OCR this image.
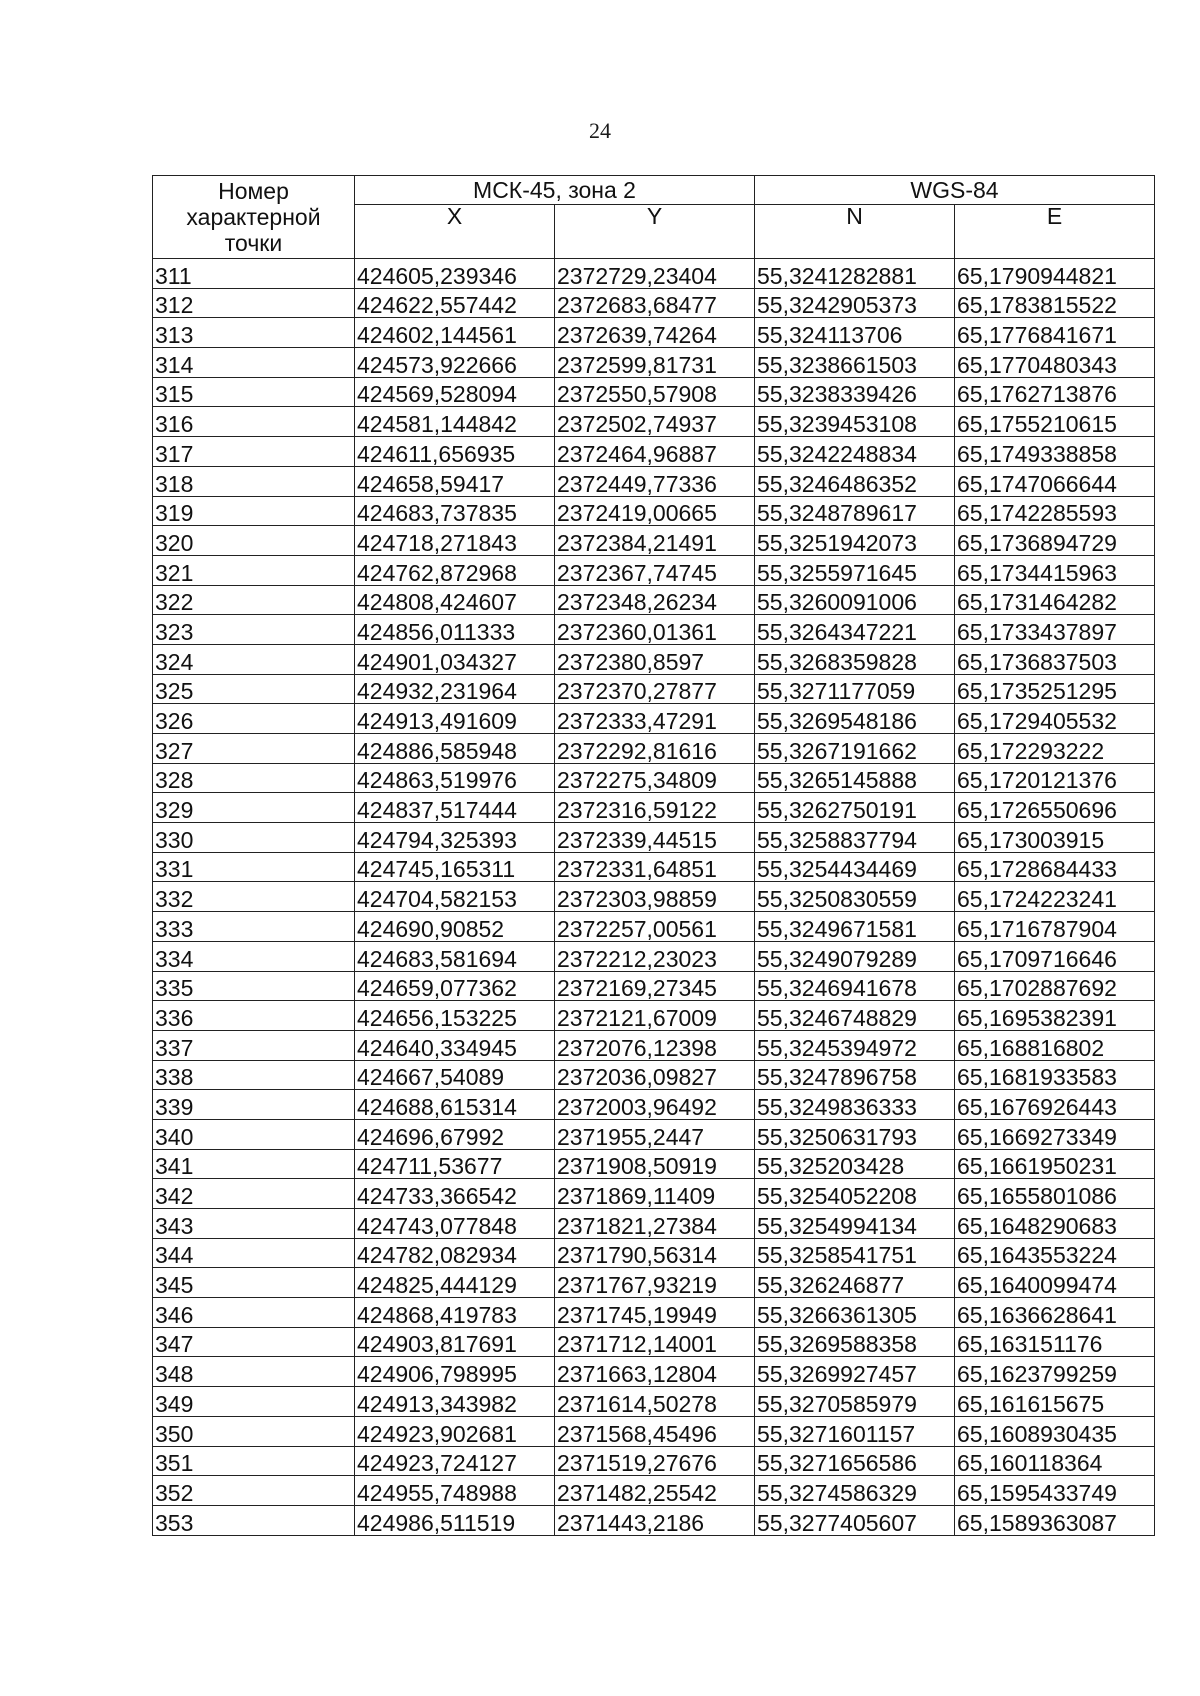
24
Номер
характерной
точки	МСК-45, зона 2		WGS-84	
	X	Y	N	E
311	424605,239346	2372729,23404	55,3241282881	65,1790944821
312	424622,557442	2372683,68477	55,3242905373	65,1783815522
313	424602,144561	2372639,74264	55,324113706	65,1776841671
314	424573,922666	2372599,81731	55,3238661503	65,1770480343
315	424569,528094	2372550,57908	55,3238339426	65,1762713876
316	424581,144842	2372502,74937	55,3239453108	65,1755210615
317	424611,656935	2372464,96887	55,3242248834	65,1749338858
318	424658,59417	2372449,77336	55,3246486352	65,1747066644
319	424683,737835	2372419,00665	55,3248789617	65,1742285593
320	424718,271843	2372384,21491	55,3251942073	65,1736894729
321	424762,872968	2372367,74745	55,3255971645	65,1734415963
322	424808,424607	2372348,26234	55,3260091006	65,1731464282
323	424856,011333	2372360,01361	55,3264347221	65,1733437897
324	424901,034327	2372380,8597	55,3268359828	65,1736837503
325	424932,231964	2372370,27877	55,3271177059	65,1735251295
326	424913,491609	2372333,47291	55,3269548186	65,1729405532
327	424886,585948	2372292,81616	55,3267191662	65,172293222
328	424863,519976	2372275,34809	55,3265145888	65,1720121376
329	424837,517444	2372316,59122	55,3262750191	65,1726550696
330	424794,325393	2372339,44515	55,3258837794	65,173003915
331	424745,165311	2372331,64851	55,3254434469	65,1728684433
332	424704,582153	2372303,98859	55,3250830559	65,1724223241
333	424690,90852	2372257,00561	55,3249671581	65,1716787904
334	424683,581694	2372212,23023	55,3249079289	65,1709716646
335	424659,077362	2372169,27345	55,3246941678	65,1702887692
336	424656,153225	2372121,67009	55,3246748829	65,1695382391
337	424640,334945	2372076,12398	55,3245394972	65,168816802
338	424667,54089	2372036,09827	55,3247896758	65,1681933583
339	424688,615314	2372003,96492	55,3249836333	65,1676926443
340	424696,67992	2371955,2447	55,3250631793	65,1669273349
341	424711,53677	2371908,50919	55,325203428	65,1661950231
342	424733,366542	2371869,11409	55,3254052208	65,1655801086
343	424743,077848	2371821,27384	55,3254994134	65,1648290683
344	424782,082934	2371790,56314	55,3258541751	65,1643553224
345	424825,444129	2371767,93219	55,326246877	65,1640099474
346	424868,419783	2371745,19949	55,3266361305	65,1636628641
347	424903,817691	2371712,14001	55,3269588358	65,163151176
348	424906,798995	2371663,12804	55,3269927457	65,1623799259
349	424913,343982	2371614,50278	55,3270585979	65,161615675
350	424923,902681	2371568,45496	55,3271601157	65,1608930435
351	424923,724127	2371519,27676	55,3271656586	65,160118364
352	424955,748988	2371482,25542	55,3274586329	65,1595433749
353	424986,511519	2371443,2186	55,3277405607	65,1589363087
